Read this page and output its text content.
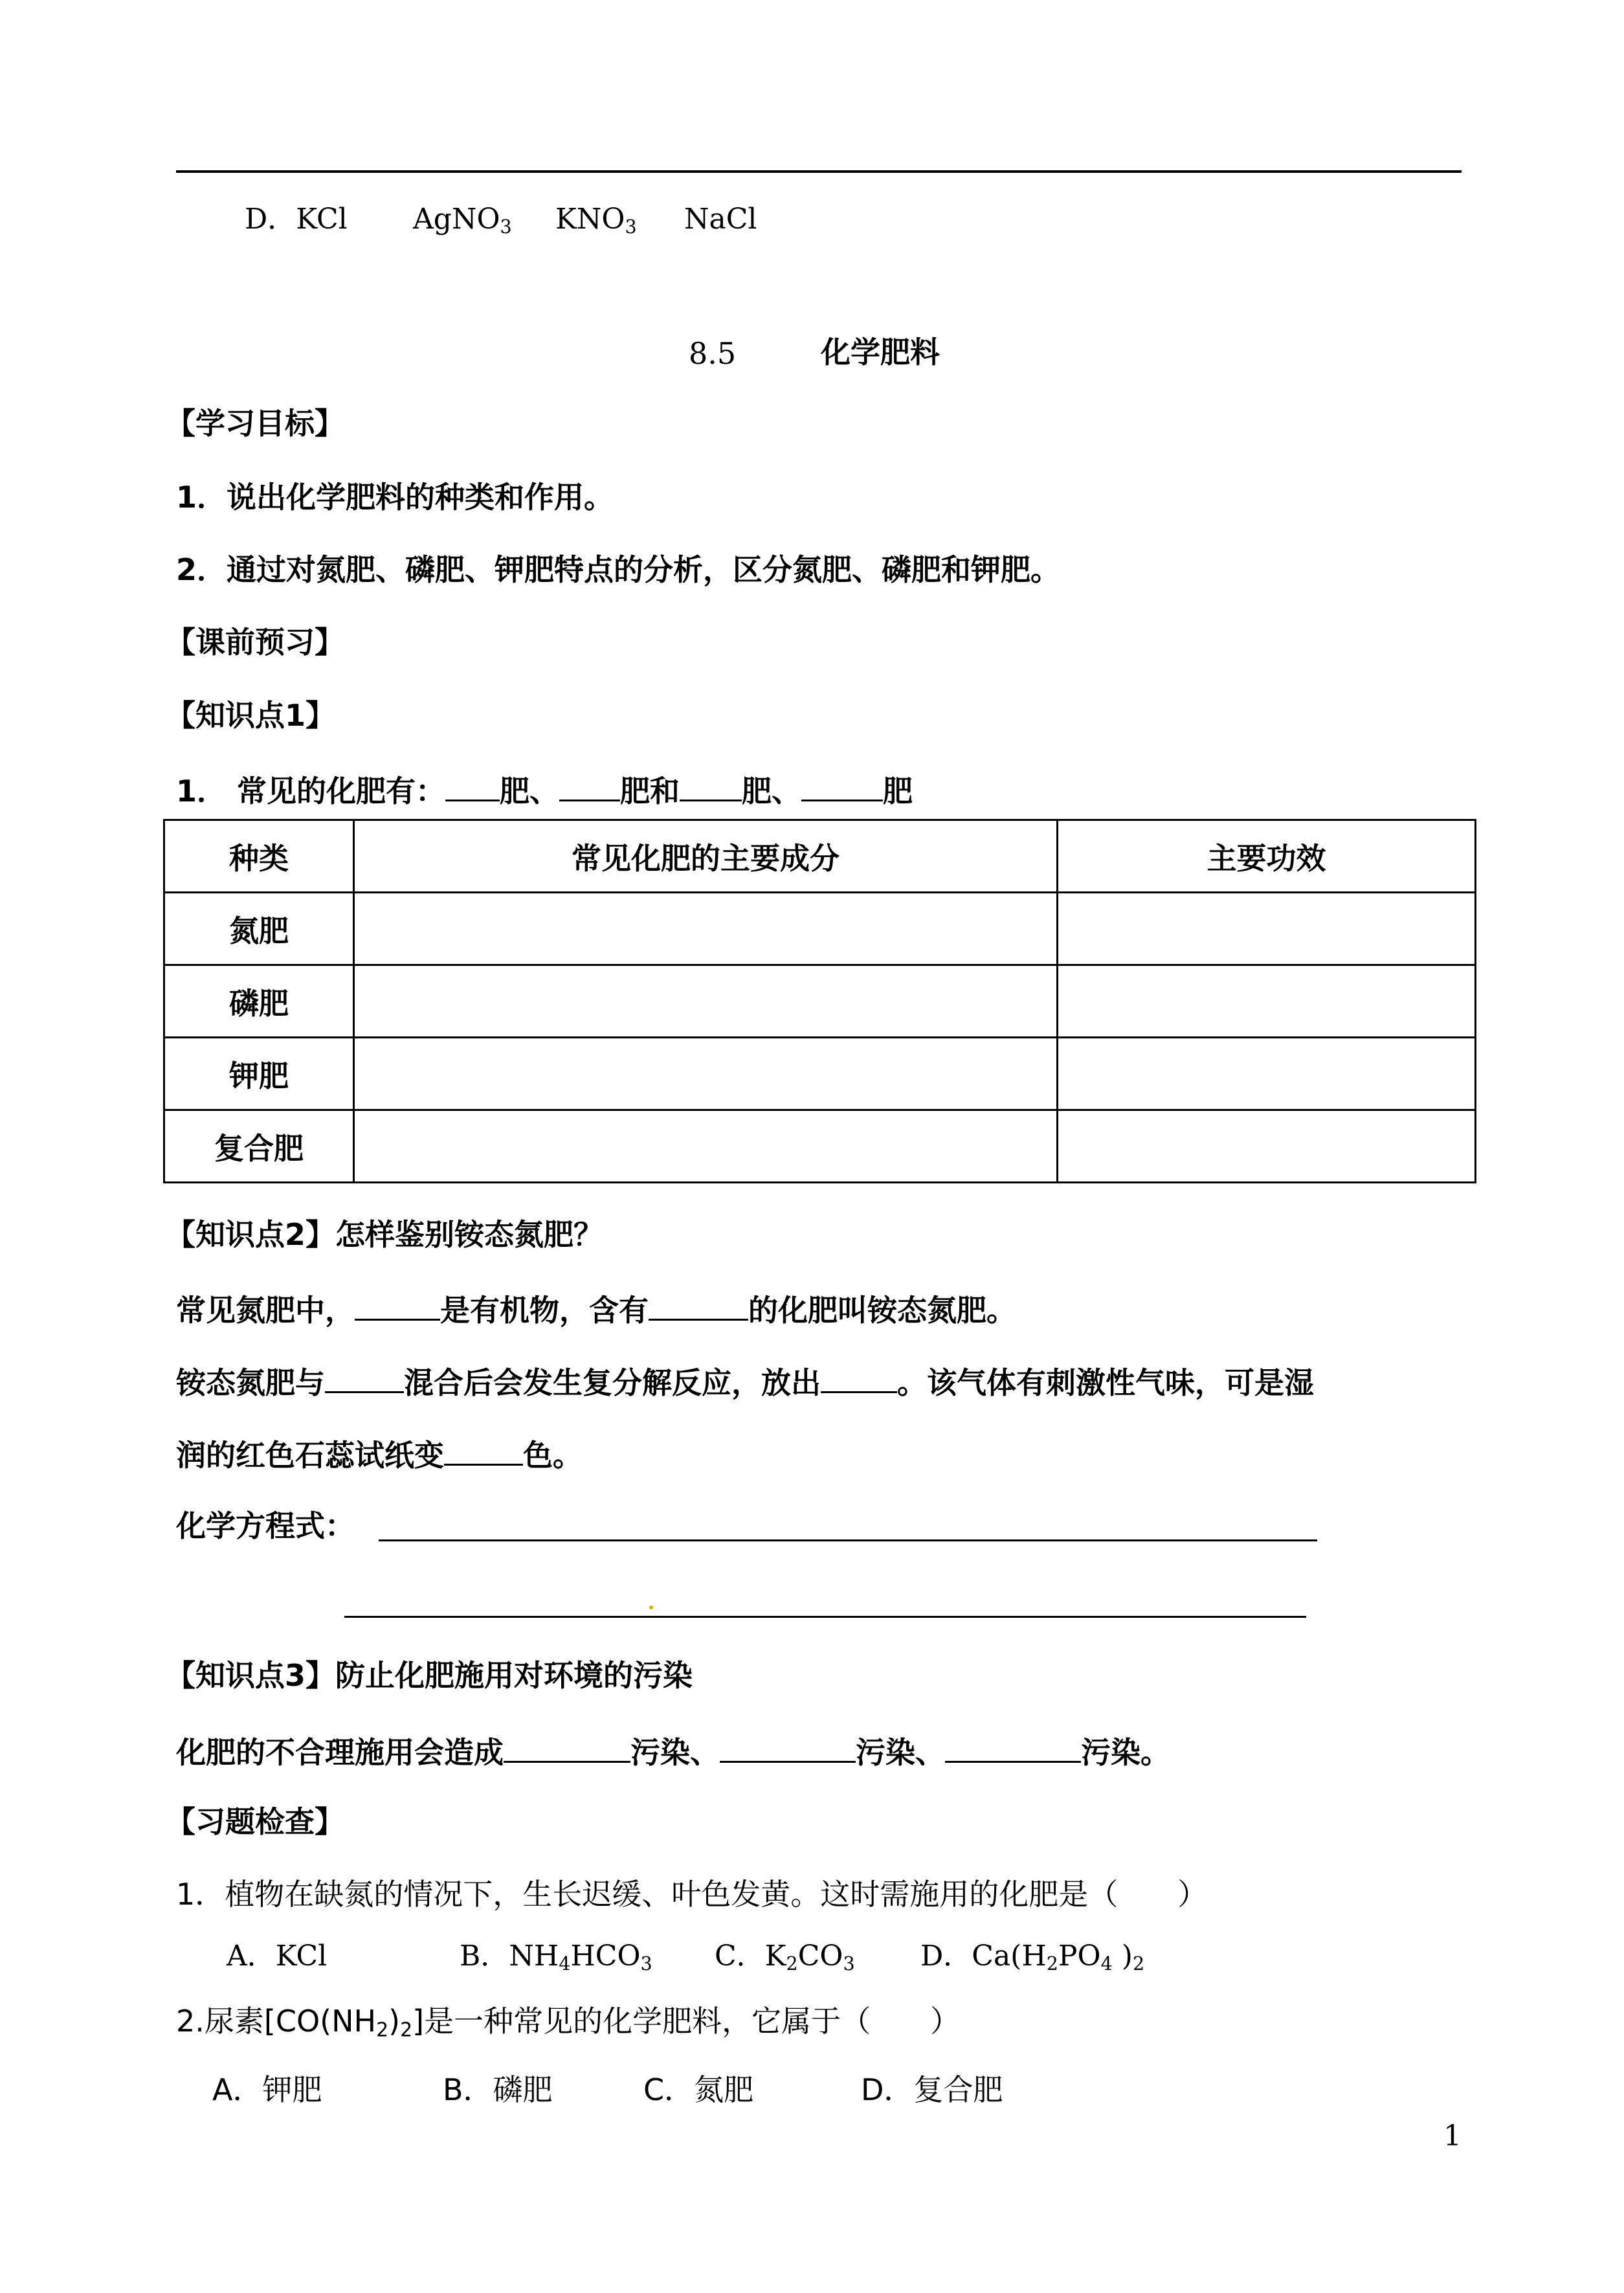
D．KCl AgNO$_3$ $KNO_3$ NaCl
8.5	化学肥料
【学习目标】
1．说出化学肥料的种类和作用。
2．通过对氮肥、磷肥、钾肥特点的分析，区分氮肥、磷肥和钾肥。
【课前预习】
【知识点1】
1． 常见的化肥有： 肥、 肥和 肥、	肥
种类	常见化肥的主要成分	主要功效
氮肥		
磷肥		
钾肥		
复合肥		
【知识点2】怎样鉴别铵态氮肥？
常见氮肥中，	是有机物，含有	的化肥叫铵态氮肥。
铵态氮肥与	混合后会发生复分解反应，放出	。该气体有刺激性气味，可是湿
润的红色石蕊试纸变	色。
化学方程式：
【知识点3】防止化肥施用对环境的污染
化肥的不合理施用会造成	污染、	污染、	污染。
【习题检查】
1．植物在缺氮的情况下，生长迟缓、叶色发黄。这时需施用的化肥是（　　）
A．KCl	B．$NH_4HCO_3$ C．$K_2CO_3$ D．$Ca(H_2PO_4$ )$_2$
2.尿素$[CO(NH_2)_2]$是一种常见的化学肥料，它属于（　　）
A．钾肥	B．磷肥	C．氮肥	D．复合肥
1
